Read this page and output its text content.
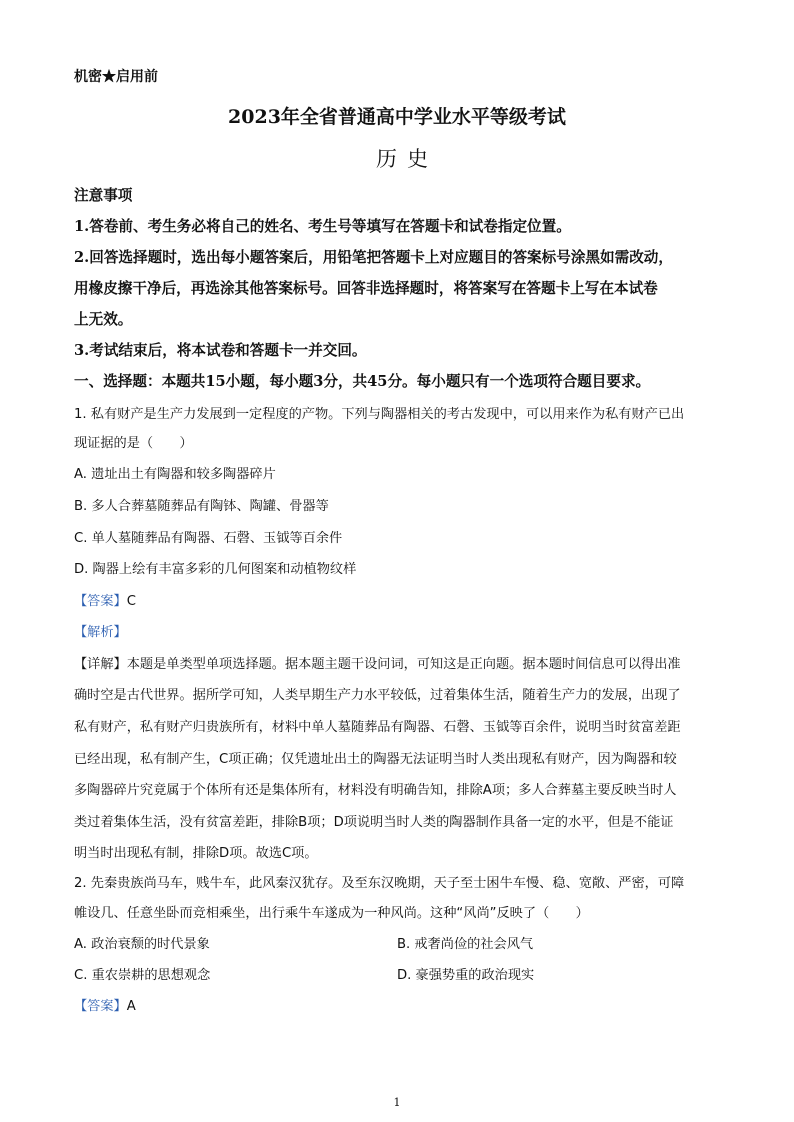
机密★启用前
2023年全省普通高中学业水平等级考试
历史
注意事项
1.答卷前、考生务必将自己的姓名、考生号等填写在答题卡和试卷指定位置。
2.回答选择题时，选出每小题答案后，用铅笔把答题卡上对应题目的答案标号涂黑如需改动，
用橡皮擦干净后，再选涂其他答案标号。回答非选择题时，将答案写在答题卡上写在本试卷
上无效。
3.考试结束后，将本试卷和答题卡一并交回。
一、选择题：本题共15小题，每小题3分，共45分。每小题只有一个选项符合题目要求。
1. 私有财产是生产力发展到一定程度的产物。下列与陶器相关的考古发现中，可以用来作为私有财产已出
现证据的是（　　）
A. 遗址出土有陶器和较多陶器碎片
B. 多人合葬墓随葬品有陶钵、陶罐、骨器等
C. 单人墓随葬品有陶器、石磬、玉钺等百余件
D. 陶器上绘有丰富多彩的几何图案和动植物纹样
【答案】C
【解析】
【详解】本题是单类型单项选择题。据本题主题干设问词，可知这是正向题。据本题时间信息可以得出准
确时空是古代世界。据所学可知，人类早期生产力水平较低，过着集体生活，随着生产力的发展，出现了
私有财产，私有财产归贵族所有，材料中单人墓随葬品有陶器、石磬、玉钺等百余件，说明当时贫富差距
已经出现，私有制产生，C项正确；仅凭遗址出土的陶器无法证明当时人类出现私有财产，因为陶器和较
多陶器碎片究竟属于个体所有还是集体所有，材料没有明确告知，排除A项；多人合葬墓主要反映当时人
类过着集体生活，没有贫富差距，排除B项；D项说明当时人类的陶器制作具备一定的水平，但是不能证
明当时出现私有制，排除D项。故选C项。
2. 先秦贵族尚马车，贱牛车，此风秦汉犹存。及至东汉晚期，天子至士困牛车慢、稳、宽敞、严密，可障
帷设几、任意坐卧而竞相乘坐，出行乘牛车遂成为一种风尚。这种“风尚”反映了（　　）
A. 政治衰颓的时代景象	B. 戒奢尚俭的社会风气
C. 重农崇耕的思想观念	D. 豪强势重的政治现实
【答案】A
1
